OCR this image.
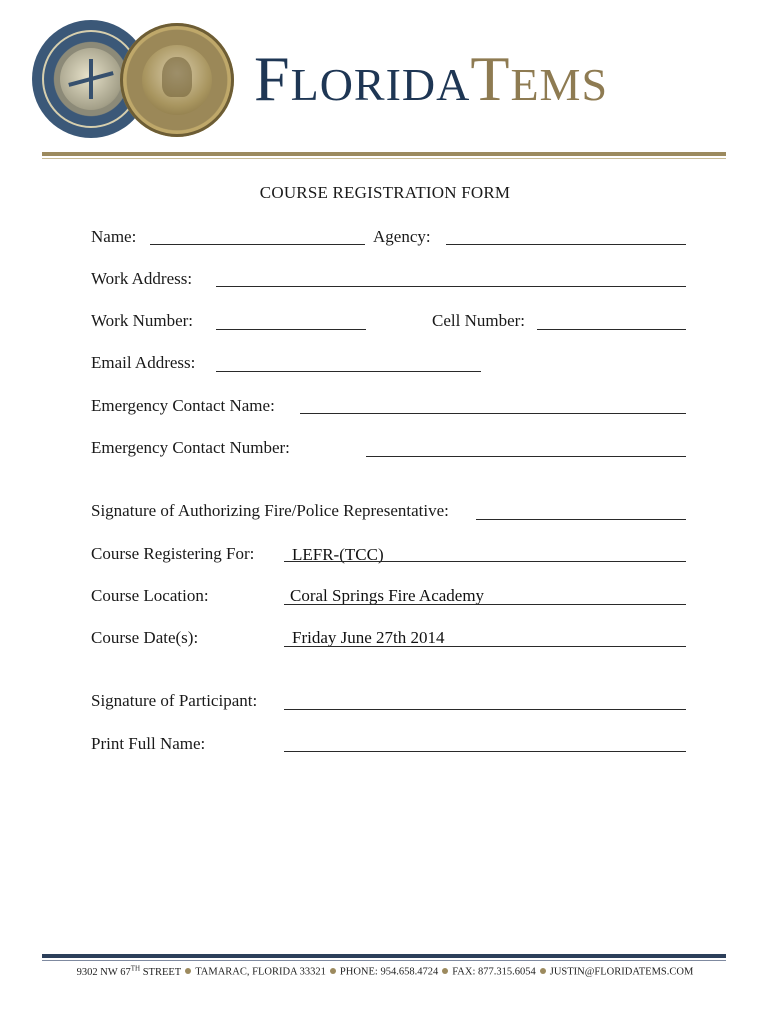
FLORIDATEMS
COURSE REGISTRATION FORM
Name:	Agency:
Work Address:
Work Number:	Cell Number:
Email Address:
Emergency Contact Name:
Emergency Contact Number:
Signature of Authorizing Fire/Police Representative:
Course Registering For: LEFR-(TCC)
Course Location:	Coral Springs Fire Academy
Course Date(s):	Friday June 27th 2014
Signature of Participant:
Print Full Name:
9302 NW 67TH STREET TAMARAC, FLORIDA 33321 PHONE: 954.658.4724 FAX: 877.315.6054 JUSTIN@FLORIDATEMS.COM
